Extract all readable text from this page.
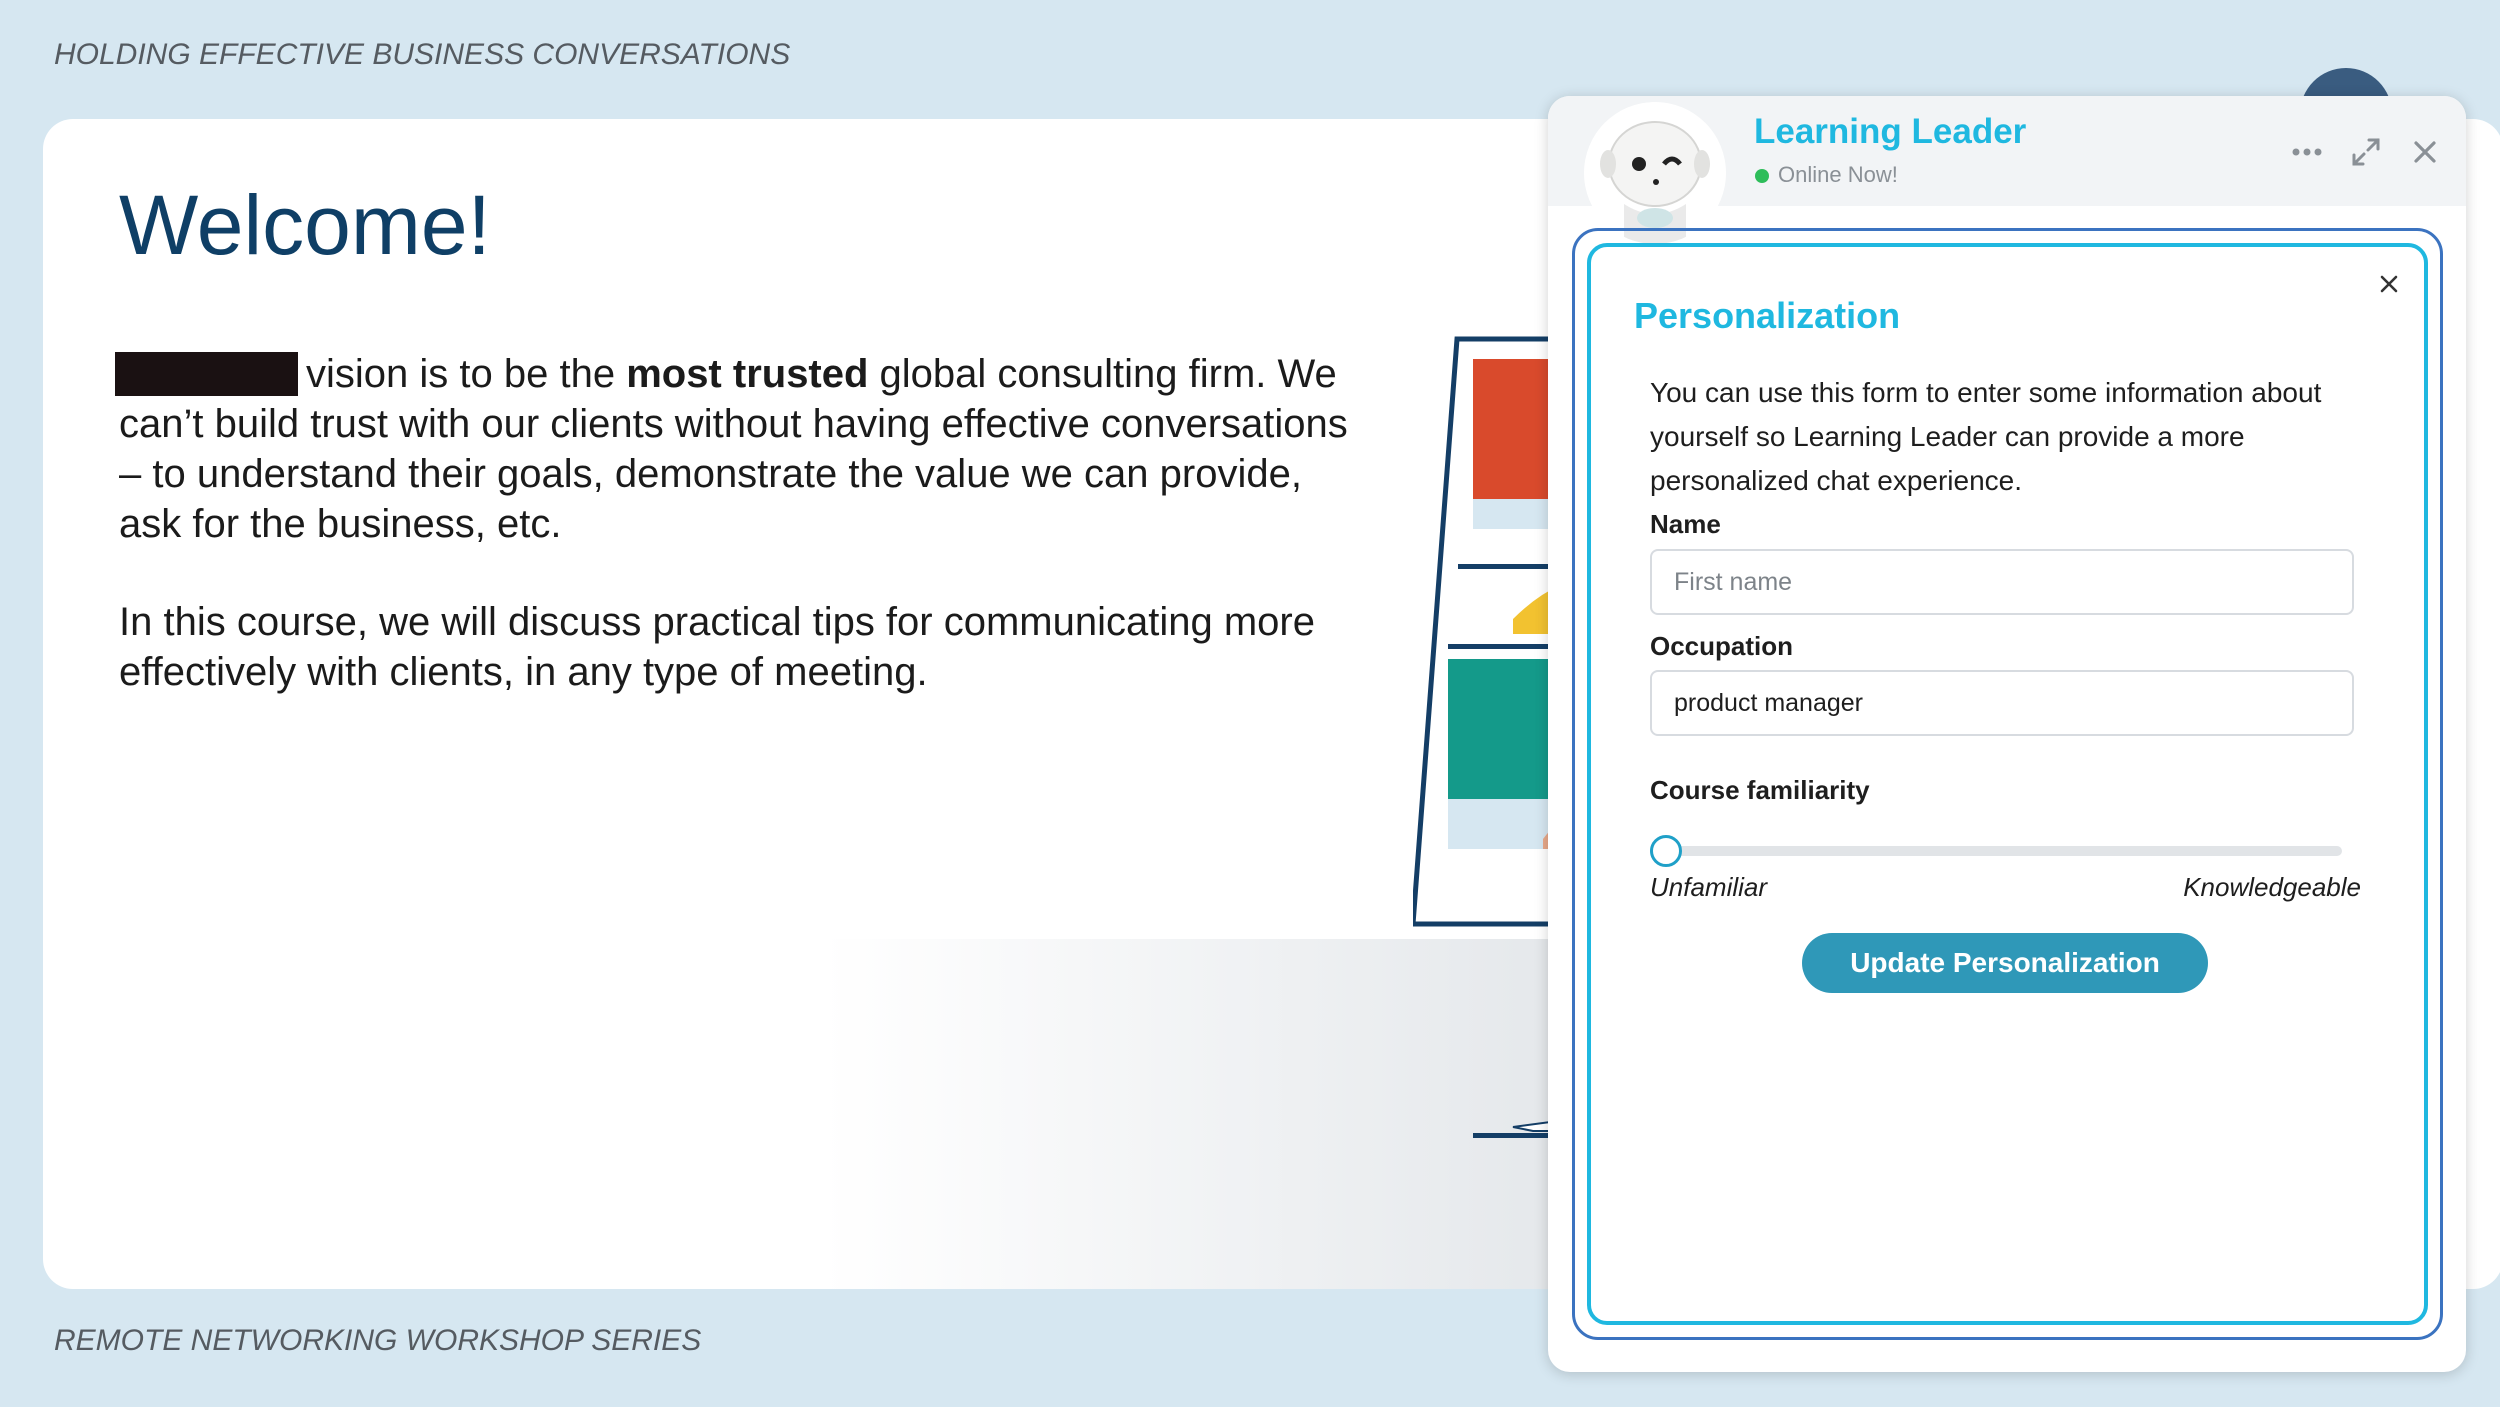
HOLDING EFFECTIVE BUSINESS CONVERSATIONS
Welcome!
vision is to be the most trusted global consulting firm. We can’t build trust with our clients without having effective conversations – to understand their goals, demonstrate the value we can provide, ask for the business, etc.
In this course, we will discuss practical tips for communicating more effectively with clients, in any type of meeting.
REMOTE NETWORKING WORKSHOP SERIES
Learning Leader
Online Now!
Personalization
You can use this form to enter some information about yourself so Learning Leader can provide a more personalized chat experience.
Name
First name
Occupation
product manager
Course familiarity
Unfamiliar	Knowledgeable
Update Personalization
